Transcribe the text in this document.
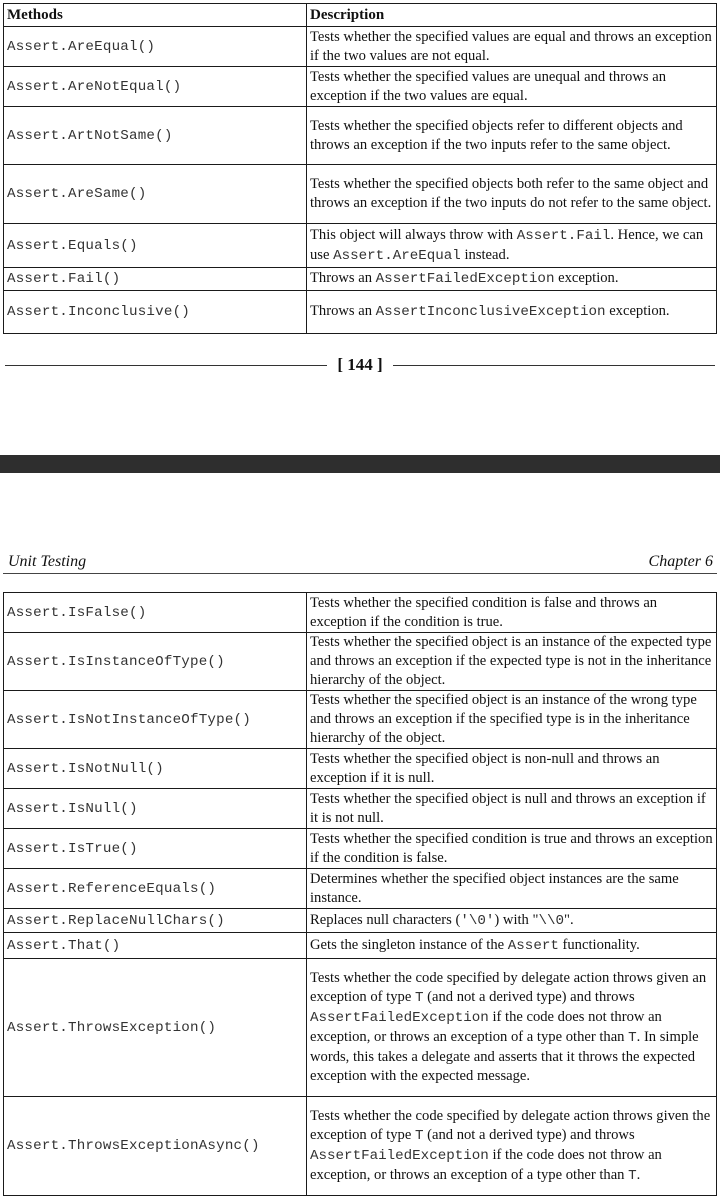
Methods	Description
Assert.AreEqual()	Tests whether the specified values are equal and throws an exception if the two values are not equal.
Assert.AreNotEqual()	Tests whether the specified values are unequal and throws an exception if the two values are equal.
Assert.ArtNotSame()	Tests whether the specified objects refer to different objects and throws an exception if the two inputs refer to the same object.
Assert.AreSame()	Tests whether the specified objects both refer to the same object and throws an exception if the two inputs do not refer to the same object.
Assert.Equals()	This object will always throw with Assert.Fail. Hence, we can use Assert.AreEqual instead.
Assert.Fail()	Throws an AssertFailedException exception.
Assert.Inconclusive()	Throws an AssertInconclusiveException exception.
[ 144 ]
Unit Testing	Chapter 6
Assert.IsFalse()	Tests whether the specified condition is false and throws an exception if the condition is true.
Assert.IsInstanceOfType()	Tests whether the specified object is an instance of the expected type and throws an exception if the expected type is not in the inheritance hierarchy of the object.
Assert.IsNotInstanceOfType()	Tests whether the specified object is an instance of the wrong type and throws an exception if the specified type is in the inheritance hierarchy of the object.
Assert.IsNotNull()	Tests whether the specified object is non-null and throws an exception if it is null.
Assert.IsNull()	Tests whether the specified object is null and throws an exception if it is not null.
Assert.IsTrue()	Tests whether the specified condition is true and throws an exception if the condition is false.
Assert.ReferenceEquals()	Determines whether the specified object instances are the same instance.
Assert.ReplaceNullChars()	Replaces null characters ('\0') with "\\0".
Assert.That()	Gets the singleton instance of the Assert functionality.
Assert.ThrowsException()	Tests whether the code specified by delegate action throws given an exception of type T (and not a derived type) and throws AssertFailedException if the code does not throw an exception, or throws an exception of a type other than T. In simple words, this takes a delegate and asserts that it throws the expected exception with the expected message.
Assert.ThrowsExceptionAsync()	Tests whether the code specified by delegate action throws given the exception of type T (and not a derived type) and throws AssertFailedException if the code does not throw an exception, or throws an exception of a type other than T.
